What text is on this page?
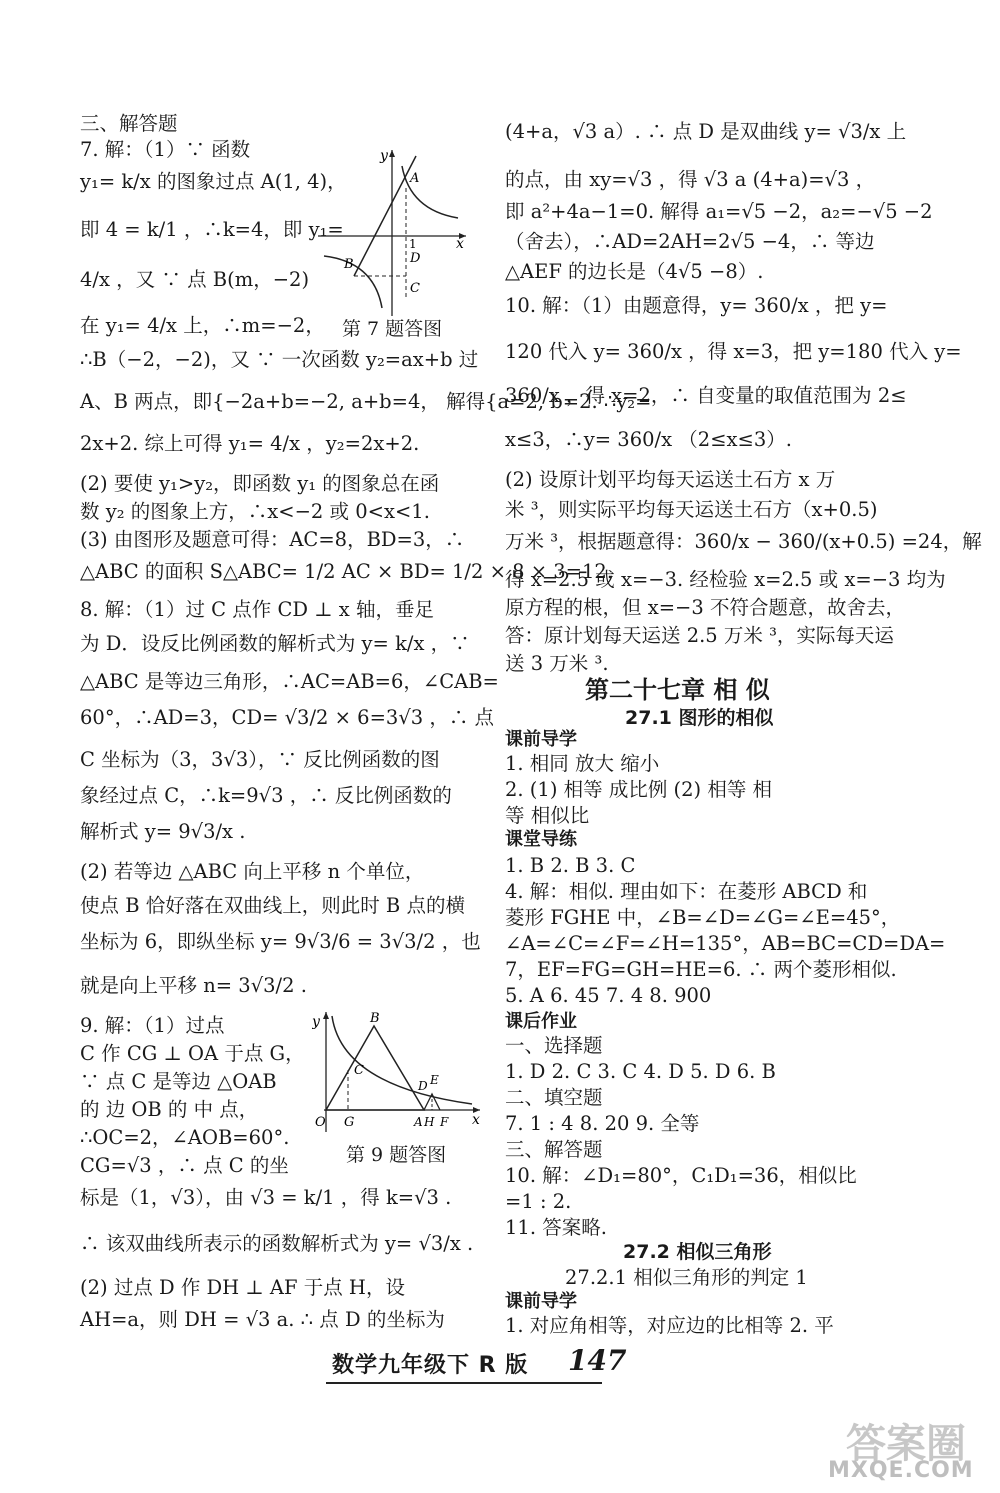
三、解答题
7. 解：（1）∵ 函数
y₁= k/x 的图象过点 A(1, 4)，
即 4 = k/1 ，∴k=4，即 y₁=
4/x ，又 ∵ 点 B(m，−2)
在 y₁= 4/x 上，∴m=−2，
∴B（−2，−2)，又 ∵ 一次函数 y₂=ax+b 过
A、B 两点，即{−2a+b=−2, a+b=4， 解得{a=2, b=2. ∴y₂=
2x+2. 综上可得 y₁= 4/x ，y₂=2x+2.
(2) 要使 y₁>y₂，即函数 y₁ 的图象总在函
数 y₂ 的图象上方，∴x<−2 或 0<x<1.
(3) 由图形及题意可得：AC=8，BD=3，∴
△ABC 的面积 S△ABC= 1/2 AC × BD= 1/2 × 8 × 3=12.
8. 解：（1）过 C 点作 CD ⊥ x 轴，垂足
为 D．设反比例函数的解析式为 y= k/x ，∵
△ABC 是等边三角形，∴AC=AB=6，∠CAB=
60°，∴AD=3，CD= √3/2 × 6=3√3 ，∴ 点
C 坐标为（3，3√3），∵ 反比例函数的图
象经过点 C，∴k=9√3 ，∴ 反比例函数的
解析式 y= 9√3/x .
(2) 若等边 △ABC 向上平移 n 个单位，
使点 B 恰好落在双曲线上，则此时 B 点的横
坐标为 6，即纵坐标 y= 9√3/6 = 3√3/2 ，也
就是向上平移 n= 3√3/2 .
9. 解：（1）过点
C 作 CG ⊥ OA 于点 G，
∵ 点 C 是等边 △OAB
的 边 OB 的 中 点，
∴OC=2，∠AOB=60°.
CG=√3 ，∴ 点 C 的坐
标是（1，√3），由 √3 = k/1 ，得 k=√3 .
∴ 该双曲线所表示的函数解析式为 y= √3/x .
(2) 过点 D 作 DH ⊥ AF 于点 H，设
AH=a，则 DH = √3 a. ∴ 点 D 的坐标为
第二十七章 相 似
27.1 图形的相似
27.2 相似三角形
27.2.1 相似三角形的判定 1
(4+a，√3 a）. ∴ 点 D 是双曲线 y= √3/x 上
的点，由 xy=√3 ，得 √3 a (4+a)=√3 ，
即 a²+4a−1=0. 解得 a₁=√5 −2，a₂=−√5 −2
（舍去），∴AD=2AH=2√5 −4，∴ 等边
△AEF 的边长是（4√5 −8）.
10. 解：（1）由题意得，y= 360/x ，把 y=
120 代入 y= 360/x ，得 x=3，把 y=180 代入 y=
360/x ，得 x=2，∴ 自变量的取值范围为 2≤
x≤3，∴y= 360/x （2≤x≤3）.
(2) 设原计划平均每天运送土石方 x 万
米 ³，则实际平均每天运送土石方（x+0.5)
万米 ³，根据题意得：360/x − 360/(x+0.5) =24，解
得 x=2.5 或 x=−3. 经检验 x=2.5 或 x=−3 均为
原方程的根，但 x=−3 不符合题意，故舍去，
答：原计划每天运送 2.5 万米 ³，实际每天运
送 3 万米 ³.
课前导学
1. 相同 放大 缩小
2. (1) 相等 成比例 (2) 相等 相
等 相似比
课堂导练
1. B 2. B 3. C
4. 解：相似. 理由如下：在菱形 ABCD 和
菱形 FGHE 中，∠B=∠D=∠G=∠E=45°，
∠A=∠C=∠F=∠H=135°，AB=BC=CD=DA=
7，EF=FG=GH=HE=6. ∴ 两个菱形相似.
5. A 6. 45 7. 4 8. 900
课后作业
一、选择题
1. D 2. C 3. C 4. D 5. D 6. B
二、填空题
7. 1 : 4 8. 20 9. 全等
三、解答题
10. 解：∠D₁=80°，C₁D₁=36，相似比
=1 : 2.
11. 答案略.
课前导学
1. 对应角相等，对应边的比相等 2. 平
y
x
A
B
C
D
1
第 7 题答图
y
x
O G
B
C
D E
A H F
第 9 题答图
数学九年级下 R 版 147
答案圈
MXQE.COM
